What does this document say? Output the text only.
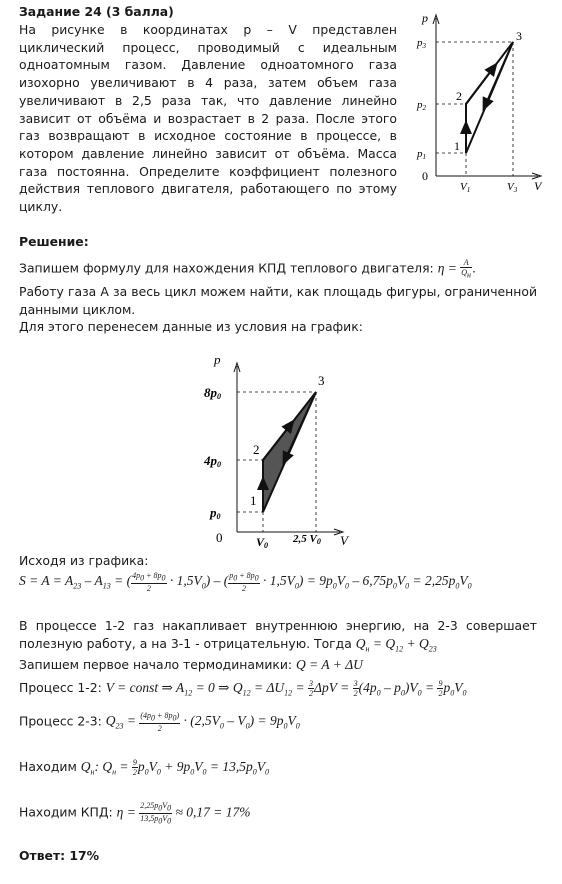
Задание 24 (3 балла)
На рисунке в координатах p – V представлен циклический процесс, проводимый с идеальным одноатомным газом. Давление одноатомного газа изохорно увеличивают в 4 раза, затем объем газа увеличивают в 2,5 раза так, что давление линейно зависит от объёма и возрастает в 2 раза. После этого газ возвращают в исходное состояние в процессе, в котором давление линейно зависит от объёма. Масса газа постоянна. Определите коэффициент полезного действия теплового двигателя, работающего по этому циклу.
p
V
0
p3
p2
p1
V1	V3
1
2
3
Решение:
Запишем формулу для нахождения КПД теплового двигателя: $\eta = \frac{A}{Q_н}$ .
Работу газа A за весь цикл можем найти, как площадь фигуры, ограниченной данными циклом.
Для этого перенесем данные из условия на график:
p
V
0
8p0
4p0
p0
V0
2,5 V0
1
2
3
Исходя из графика:
$S = A = A_{23} - A_{13}$ = ( $\frac{4p_0 + 8p_0}{2} \cdot 1,5V_0$) – ( $\frac{p_0 + 8p_0}{2} \cdot 1,5V_0) = 9p_0V_0 - 6,75p_0V_0 = 2,25p_0V_0$
В процессе 1-2 газ накапливает внутреннюю энергию, на 2-3 совершает полезную работу, а на 3-1 - отрицательную. Тогда $Q_н = Q_{12} + Q_{23}$
Запишем первое начало термодинамики: Q = A + ΔU
Процесс 1-2: V = const ⇒ $A_{12} = 0$ ⇒ $Q_{12} = \Delta U_{12} = \frac{3}{2}$ $\Delta pV = \frac{3}{2} (4p_0 - p_0)V_0 = \frac{9}{2} p_0V_0$
Процесс 2-3: $Q_{23} = \frac{(4p_0 + 8p_0)}{2} \cdot (2,5V_0 - V_0) = 9p_0V_0$
Находим $Q_н$: $Q_н = \frac{9}{2} p_0V_0 + 9p_0V_0 = 13,5p_0V_0$
Находим КПД: $\eta = \frac{2,25p_0V_0}{13,5p_0V_0} \approx 0,17 = 17\%$
Ответ: 17%
